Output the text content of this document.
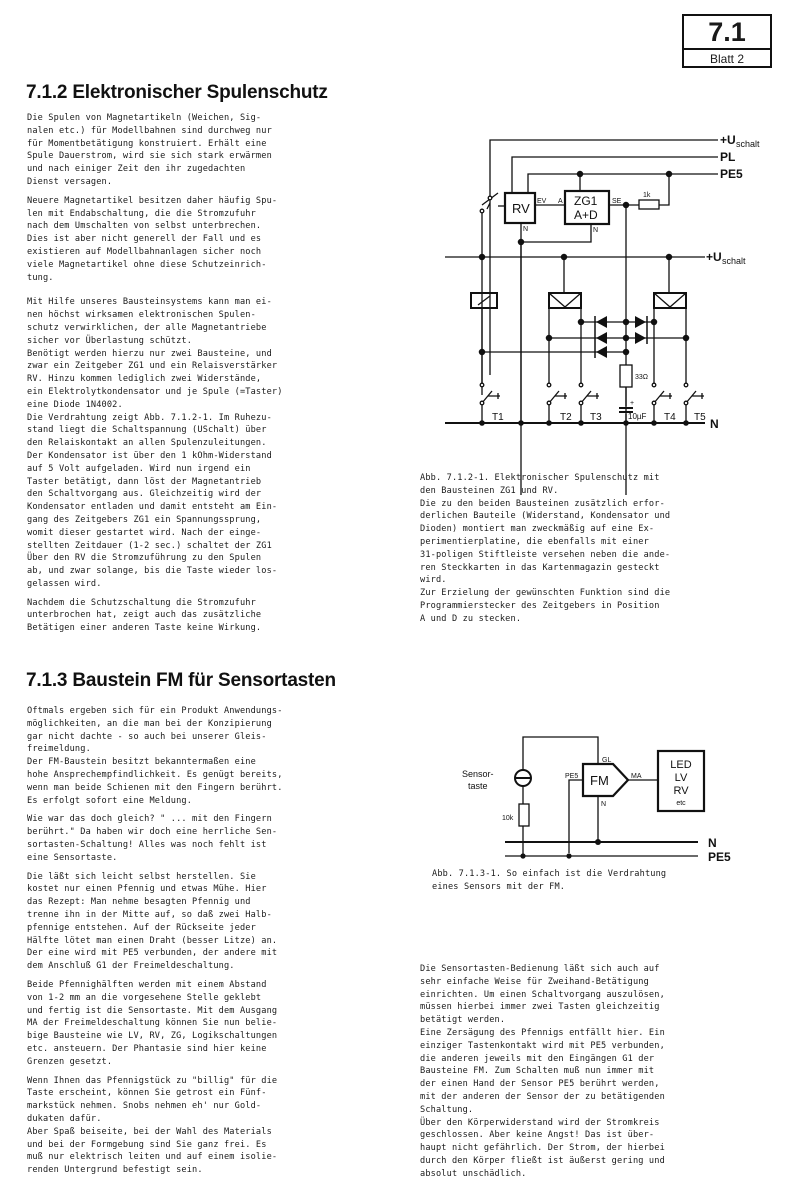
7.1
Blatt 2
7.1.2 Elektronischer Spulenschutz

Die Spulen von Magnetartikeln (Weichen, Sig-
nalen etc.) für Modellbahnen sind durchweg nur
für Momentbetätigung konstruiert. Erhält eine
Spule Dauerstrom, wird sie sich stark erwärmen
und nach einiger Zeit den ihr zugedachten
Dienst versagen.

Neuere Magnetartikel besitzen daher häufig Spu-
len mit Endabschaltung, die die Stromzufuhr
nach dem Umschalten von selbst unterbrechen.
Dies ist aber nicht generell der Fall und es
existieren auf Modellbahnanlagen sicher noch
viele Magnetartikel ohne diese Schutzeinrich-
tung.

Mit Hilfe unseres Bausteinsystems kann man ei-
nen höchst wirksamen elektronischen Spulen-
schutz verwirklichen, der alle Magnetantriebe
sicher vor Überlastung schützt.
Benötigt werden hierzu nur zwei Bausteine, und
zwar ein Zeitgeber ZG1 und ein Relaisverstärker
RV. Hinzu kommen lediglich zwei Widerstände,
ein Elektrolytkondensator und je Spule (=Taster)
eine Diode 1N4002.
Die Verdrahtung zeigt Abb. 7.1.2-1. Im Ruhezu-
stand liegt die Schaltspannung (USchalt) über
den Relaiskontakt an allen Spulenzuleitungen.
Der Kondensator ist über den 1 kOhm-Widerstand
auf 5 Volt aufgeladen. Wird nun irgend ein
Taster betätigt, dann löst der Magnetantrieb
den Schaltvorgang aus. Gleichzeitig wird der
Kondensator entladen und damit entsteht am Ein-
gang des Zeitgebers ZG1 ein Spannungssprung,
womit dieser gestartet wird. Nach der einge-
stellten Zeitdauer (1-2 sec.) schaltet der ZG1
Über den RV die Stromzuführung zu den Spulen
ab, und zwar solange, bis die Taste wieder los-
gelassen wird.

Nachdem die Schutzschaltung die Stromzufuhr
unterbrochen hat, zeigt auch das zusätzliche
Betätigen einer anderen Taste keine Wirkung.

+U schalt
PL
PE5
+U schalt
N
RV	ZG1
A+D
EV A	SE
N	N
1k
33Ω
+
10µF
T1	T2 T3	T4 T5

Abb. 7.1.2-1. Elektronischer Spulenschutz mit
den Bausteinen ZG1 und RV.

Die zu den beiden Bausteinen zusätzlich erfor-
derlichen Bauteile (Widerstand, Kondensator und
Dioden) montiert man zweckmäßig auf eine Ex-
perimentierplatine, die ebenfalls mit einer
31-poligen Stiftleiste versehen neben die ande-
ren Steckkarten in das Kartenmagazin gesteckt
wird.
Zur Erzielung der gewünschten Funktion sind die
Programmierstecker des Zeitgebers in Position
A und D zu stecken.

7.1.3 Baustein FM für Sensortasten

Oftmals ergeben sich für ein Produkt Anwendungs-
möglichkeiten, an die man bei der Konzipierung
gar nicht dachte - so auch bei unserer Gleis-
freimeldung.
Der FM-Baustein besitzt bekanntermaßen eine
hohe Ansprechempfindlichkeit. Es genügt bereits,
wenn man beide Schienen mit den Fingern berührt.
Es erfolgt sofort eine Meldung.

Wie war das doch gleich? " ... mit den Fingern
berührt." Da haben wir doch eine herrliche Sen-
sortasten-Schaltung! Alles was noch fehlt ist
eine Sensortaste.

Die läßt sich leicht selbst herstellen. Sie
kostet nur einen Pfennig und etwas Mühe. Hier
das Rezept: Man nehme besagten Pfennig und
trenne ihn in der Mitte auf, so daß zwei Halb-
pfennige entstehen. Auf der Rückseite jeder
Hälfte lötet man einen Draht (besser Litze) an.
Der eine wird mit PE5 verbunden, der andere mit
dem Anschluß G1 der Freimeldeschaltung.

Beide Pfennighälften werden mit einem Abstand
von 1-2 mm an die vorgesehene Stelle geklebt
und fertig ist die Sensortaste. Mit dem Ausgang
MA der Freimeldeschaltung können Sie nun belie-
bige Bausteine wie LV, RV, ZG, Logikschaltungen
etc. ansteuern. Der Phantasie sind hier keine
Grenzen gesetzt.

Wenn Ihnen das Pfennigstück zu "billig" für die
Taste erscheint, können Sie getrost ein Fünf-
markstück nehmen. Snobs nehmen eh' nur Gold-
dukaten dafür.
Aber Spaß beiseite, bei der Wahl des Materials
und bei der Formgebung sind Sie ganz frei. Es
muß nur elektrisch leiten und auf einem isolie-
renden Untergrund befestigt sein.

Sensor-
taste
10k
FM
PE5
GL
MA
N
LED
LV
RV
etc
N
PE5

Abb. 7.1.3-1. So einfach ist die Verdrahtung
eines Sensors mit der FM.

Die Sensortasten-Bedienung läßt sich auch auf
sehr einfache Weise für Zweihand-Betätigung
einrichten. Um einen Schaltvorgang auszulösen,
müssen hierbei immer zwei Tasten gleichzeitig
betätigt werden.
Eine Zersägung des Pfennigs entfällt hier. Ein
einziger Tastenkontakt wird mit PE5 verbunden,
die anderen jeweils mit den Eingängen G1 der
Bausteine FM. Zum Schalten muß nun immer mit
der einen Hand der Sensor PE5 berührt werden,
mit der anderen der Sensor der zu betätigenden
Schaltung.
Über den Körperwiderstand wird der Stromkreis
geschlossen. Aber keine Angst! Das ist über-
haupt nicht gefährlich. Der Strom, der hierbei
durch den Körper fließt ist äußerst gering und
absolut unschädlich.
